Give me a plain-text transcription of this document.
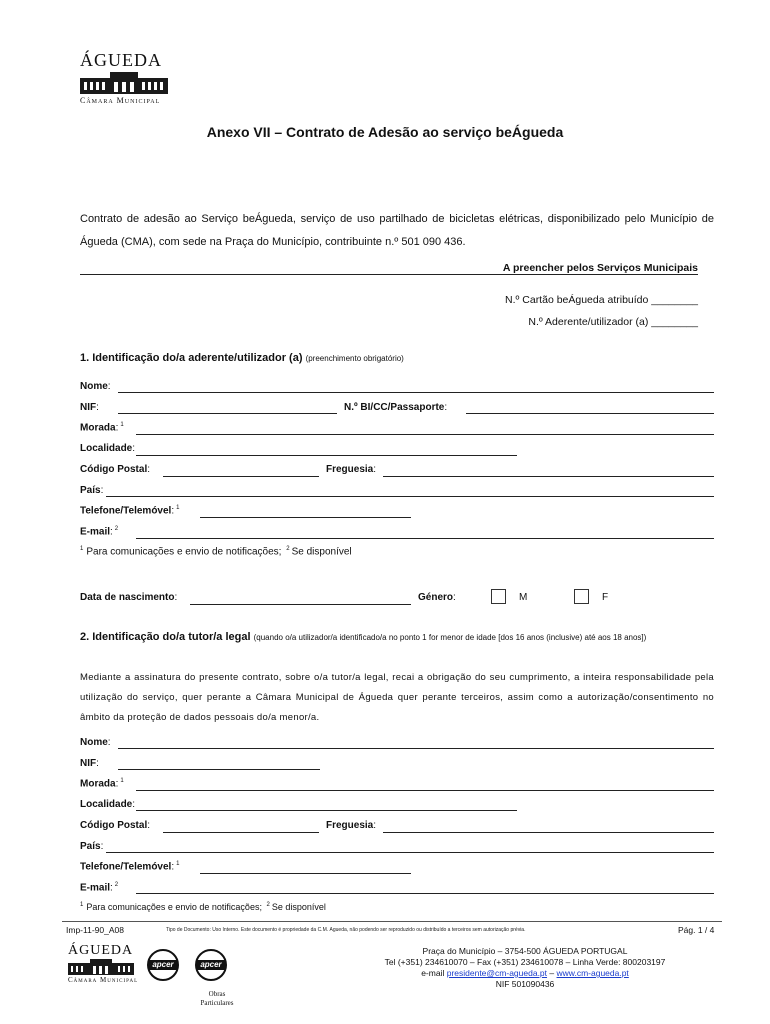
ÁGUEDA
Câmara Municipal
Anexo VII – Contrato de Adesão ao serviço beÁgueda
Contrato de adesão ao Serviço beÁgueda, serviço de uso partilhado de bicicletas elétricas, disponibilizado pelo Município de Águeda (CMA), com sede na Praça do Município, contribuinte n.º 501 090 436.
A preencher pelos Serviços Municipais
N.º Cartão beÁgueda atribuído ________
N.º Aderente/utilizador (a) ________
1. Identificação do/a aderente/utilizador (a) (preenchimento obrigatório)
Nome:
NIF:	N.º BI/CC/Passaporte:
Morada: $^1$
Localidade:
Código Postal:	Freguesia:
País:
Telefone/Telemóvel: $^1$
E-mail: $^2$
$^1$ Para comunicações e envio de notificações; $^2$ Se disponível
Data de nascimento:	Género:	M	F
2. Identificação do/a tutor/a legal (quando o/a utilizador/a identificado/a no ponto 1 for menor de idade [dos 16 anos (inclusive) até aos 18 anos])
Mediante a assinatura do presente contrato, sobre o/a tutor/a legal, recai a obrigação do seu cumprimento, a inteira responsabilidade pela utilização do serviço, quer perante a Câmara Municipal de Águeda quer perante terceiros, assim como a autorização/consentimento no âmbito da proteção de dados pessoais do/a menor/a.
Nome:
NIF:
Morada: $^1$
Localidade:
Código Postal:	Freguesia:
País:
Telefone/Telemóvel: $^1$
E-mail: $^2$
$^1$ Para comunicações e envio de notificações; $^2$ Se disponível
Imp-11-90_A08	Tipo de Documento: Uso Interno. Este documento é propriedade da C.M. Águeda, não podendo ser reproduzido ou distribuído a terceiros sem autorização prévia.	Pág. 1 / 4
ÁGUEDA
Câmara Municipal
apcer	apcer
Obras
Particulares
Praça do Município – 3754-500 ÁGUEDA PORTUGAL
Tel (+351) 234610070 – Fax (+351) 234610078 – Linha Verde: 800203197
e-mail presidente@cm-agueda.pt – www.cm-agueda.pt
NIF 501090436
